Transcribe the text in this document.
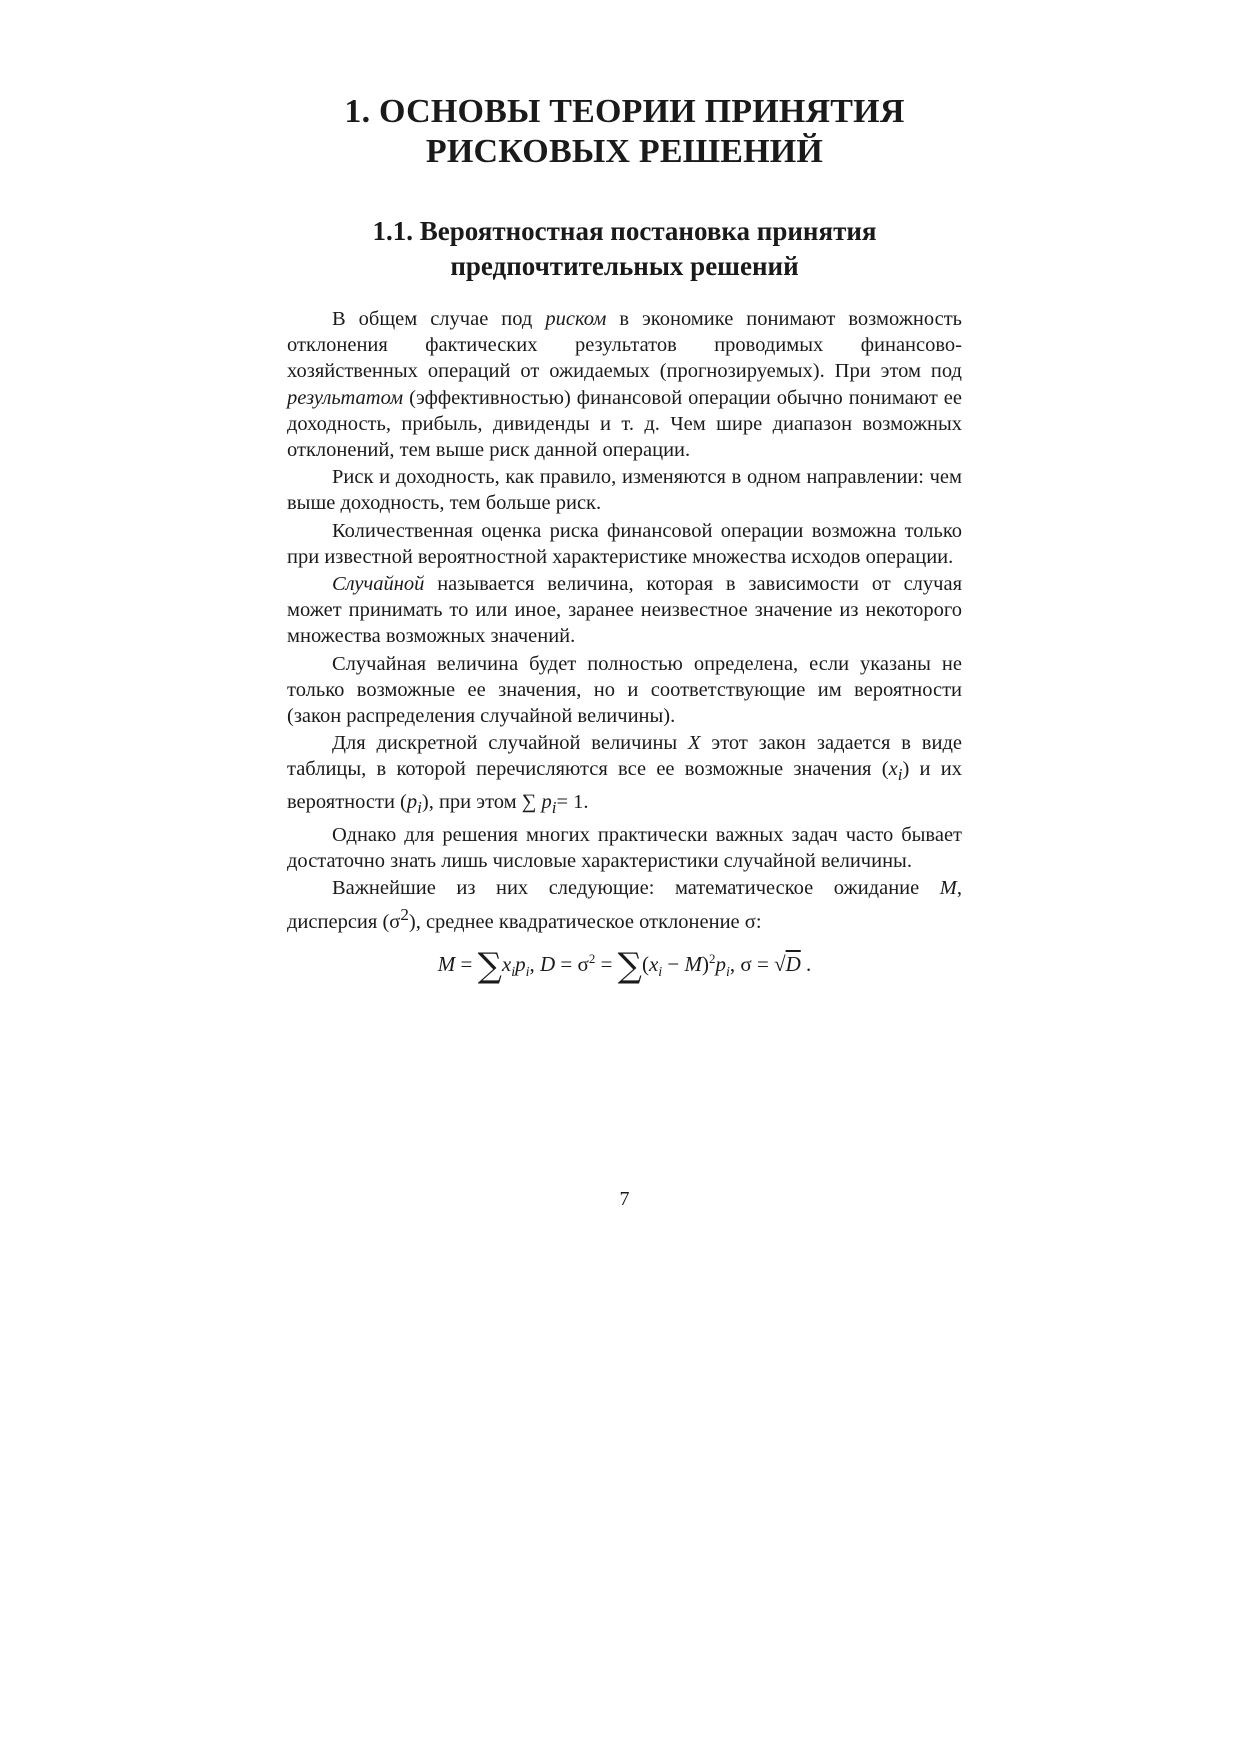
1. ОСНОВЫ ТЕОРИИ ПРИНЯТИЯ
РИСКОВЫХ РЕШЕНИЙ
1.1. Вероятностная постановка принятия
предпочтительных решений

В общем случае под риском в экономике понимают возможность отклонения фактических результатов проводимых финансово-хозяйственных операций от ожидаемых (прогнозируемых). При этом под результатом (эффективностью) финансовой операции обычно понимают ее доходность, прибыль, дивиденды и т. д. Чем шире диапазон возможных отклонений, тем выше риск данной операции.

Риск и доходность, как правило, изменяются в одном направлении: чем выше доходность, тем больше риск.

Количественная оценка риска финансовой операции возможна только при известной вероятностной характеристике множества исходов операции.

Случайной называется величина, которая в зависимости от случая может принимать то или иное, заранее неизвестное значение из некоторого множества возможных значений.

Случайная величина будет полностью определена, если указаны не только возможные ее значения, но и соответствующие им вероятности (закон распределения случайной величины).

Для дискретной случайной величины X этот закон задается в виде таблицы, в которой перечисляются все ее возможные значения $(x_i)$ и их вероятности $(p_i)$, при этом ∑ $p_i= 1$.

Однако для решения многих практически важных задач часто бывает достаточно знать лишь числовые характеристики случайной величины.

Важнейшие из них следующие: математическое ожидание M, дисперсия $(\sigma^2)$, среднее квадратическое отклонение σ:

$M = \sum x_ip_i$, $D = \sigma^2 = \sum(x_i - M)^2p_i$, σ = √D .
7
